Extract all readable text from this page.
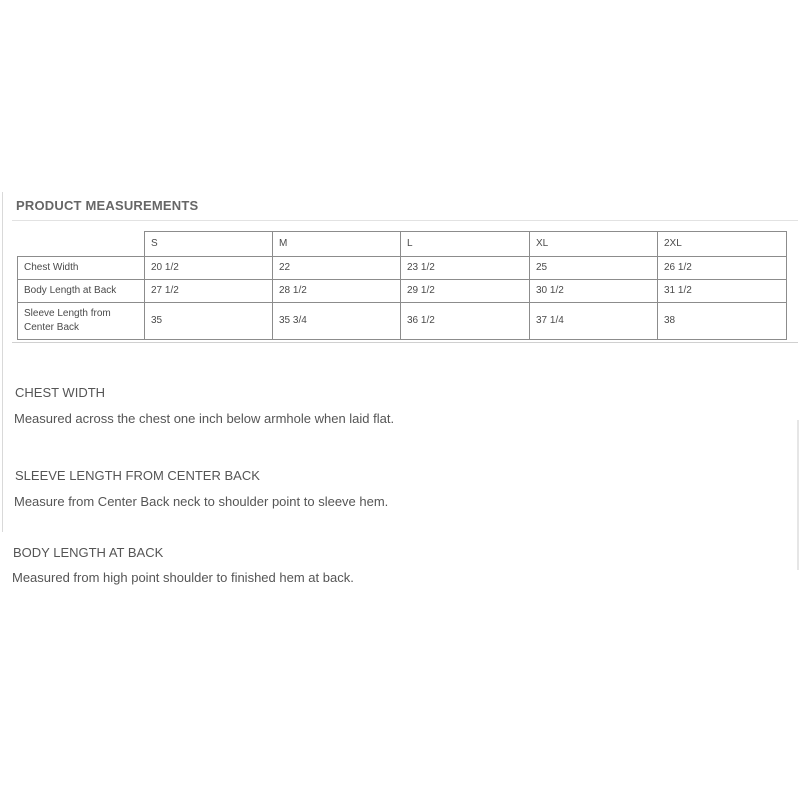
PRODUCT MEASUREMENTS
	S	M	L	XL	2XL
Chest Width	20 1/2	22	23 1/2	25	26 1/2
Body Length at Back	27 1/2	28 1/2	29 1/2	30 1/2	31 1/2
Sleeve Length from Center Back	35	35 3/4	36 1/2	37 1/4	38
CHEST WIDTH
Measured across the chest one inch below armhole when laid flat.
SLEEVE LENGTH FROM CENTER BACK
Measure from Center Back neck to shoulder point to sleeve hem.
BODY LENGTH AT BACK
Measured from high point shoulder to finished hem at back.
